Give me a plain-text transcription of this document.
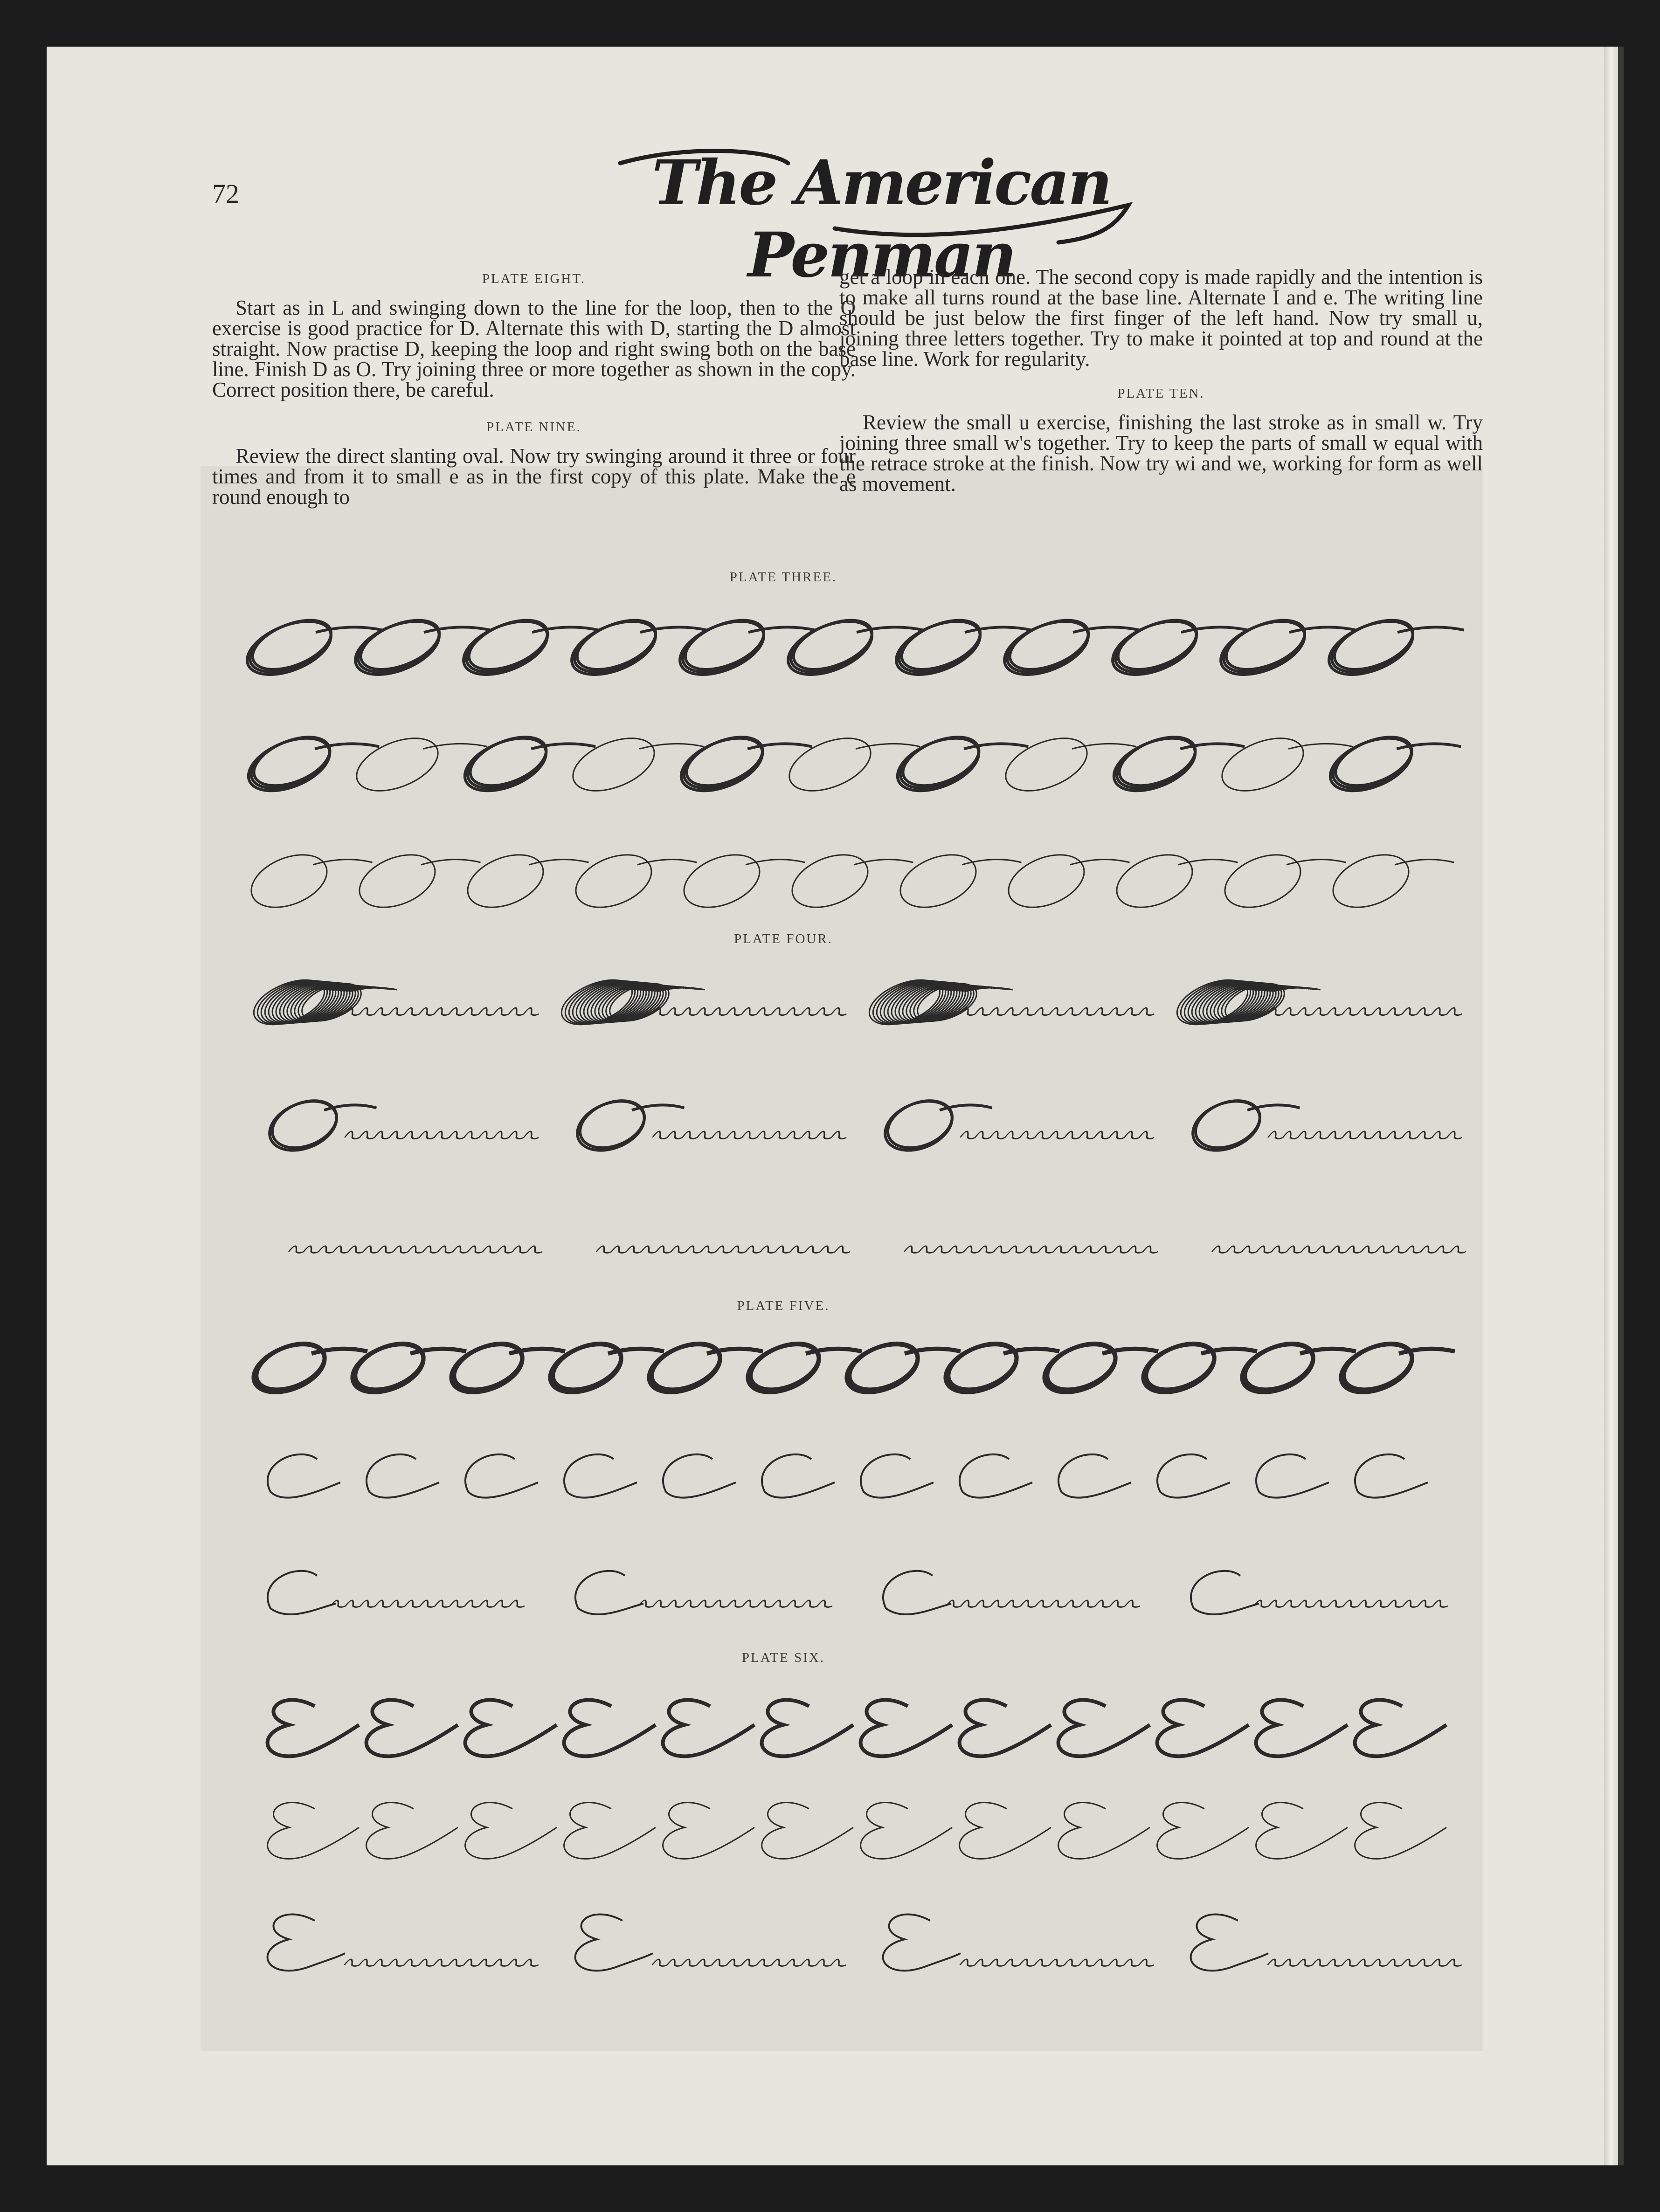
72	The American Penman
PLATE EIGHT.

Start as in L and swinging down to the line for the loop, then to the O exercise is good practice for D. Alternate this with D, starting the D almost straight. Now practise D, keeping the loop and right swing both on the base line. Finish D as O. Try joining three or more together as shown in the copy. Correct position there, be careful.

PLATE NINE.

Review the direct slanting oval. Now try swinging around it three or four times and from it to small e as in the first copy of this plate. Make the e round enough to

get a loop in each one. The second copy is made rapidly and the intention is to make all turns round at the base line. Alternate I and e. The writing line should be just below the first finger of the left hand. Now try small u, joining three letters together. Try to make it pointed at top and round at the base line. Work for regularity.

PLATE TEN.

Review the small u exercise, finishing the last stroke as in small w. Try joining three small w's together. Try to keep the parts of small w equal with the retrace stroke at the finish. Now try wi and we, working for form as well as movement.

PLATE THREE.
PLATE FOUR.
PLATE FIVE.
PLATE SIX.
